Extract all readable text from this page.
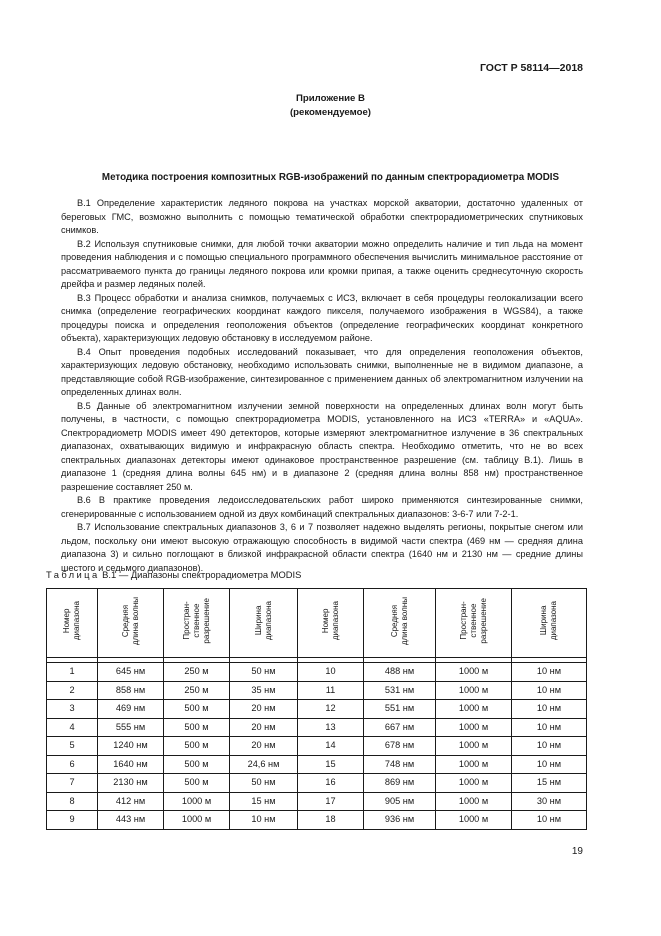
ГОСТ Р 58114—2018
Приложение В
(рекомендуемое)
Методика построения композитных RGB-изображений по данным спектрорадиометра MODIS

В.1 Определение характеристик ледяного покрова на участках морской акватории, достаточно удаленных от береговых ГМС, возможно выполнить с помощью тематической обработки спектрорадиометрических спутниковых снимков.

В.2 Используя спутниковые снимки, для любой точки акватории можно определить наличие и тип льда на момент проведения наблюдения и с помощью специального программного обеспечения вычислить минимальное расстояние от рассматриваемого пункта до границы ледяного покрова или кромки припая, а также оценить среднесуточную скорость дрейфа и размер ледяных полей.

В.3 Процесс обработки и анализа снимков, получаемых с ИСЗ, включает в себя процедуры геолокализации всего снимка (определение географических координат каждого пикселя, получаемого изображения в WGS84), а также процедуры поиска и определения геоположения объектов (определение географических координат конкретного объекта), характеризующих ледовую обстановку в исследуемом районе.

В.4 Опыт проведения подобных исследований показывает, что для определения геоположения объектов, характеризующих ледовую обстановку, необходимо использовать снимки, выполненные не в видимом диапазоне, а представляющие собой RGB-изображение, синтезированное с применением данных об электромагнитном излучении на определенных длинах волн.

В.5 Данные об электромагнитном излучении земной поверхности на определенных длинах волн могут быть получены, в частности, с помощью спектрорадиометра MODIS, установленного на ИСЗ «TERRA» и «AQUA». Спектрорадиометр MODIS имеет 490 детекторов, которые измеряют электромагнитное излучение в 36 спектральных диапазонах, охватывающих видимую и инфракрасную область спектра. Необходимо отметить, что не во всех спектральных диапазонах детекторы имеют одинаковое пространственное разрешение (см. таблицу В.1). Лишь в диапазоне 1 (средняя длина волны 645 нм) и в диапазоне 2 (средняя длина волны 858 нм) пространственное разрешение составляет 250 м.

В.6 В практике проведения ледоисследовательских работ широко применяются синтезированные снимки, сгенерированные с использованием одной из двух комбинаций спектральных диапазонов: 3-6-7 или 7-2-1.

В.7 Использование спектральных диапазонов 3, 6 и 7 позволяет надежно выделять регионы, покрытые снегом или льдом, поскольку они имеют высокую отражающую способность в видимой части спектра (469 нм — средняя длина диапазона 3) и сильно поглощают в близкой инфракрасной области спектра (1640 нм и 2130 нм — средние длины шестого и седьмого диапазонов).

Таблица В.1 — Диапазоны спектрорадиометра MODIS
Номер
диапазона	Средняя
длина волны	Простран-
ственное
разрешение	Ширина
диапазона	Номер
диапазона	Средняя
длина волны	Простран-
ственное
разрешение	Ширина
диапазона

1	645 нм	250 м	50 нм	10	488 нм	1000 м	10 нм
2	858 нм	250 м	35 нм	11	531 нм	1000 м	10 нм
3	469 нм	500 м	20 нм	12	551 нм	1000 м	10 нм
4	555 нм	500 м	20 нм	13	667 нм	1000 м	10 нм
5	1240 нм	500 м	20 нм	14	678 нм	1000 м	10 нм
6	1640 нм	500 м	24,6 нм	15	748 нм	1000 м	10 нм
7	2130 нм	500 м	50 нм	16	869 нм	1000 м	15 нм
8	412 нм	1000 м	15 нм	17	905 нм	1000 м	30 нм
9	443 нм	1000 м	10 нм	18	936 нм	1000 м	10 нм
19
